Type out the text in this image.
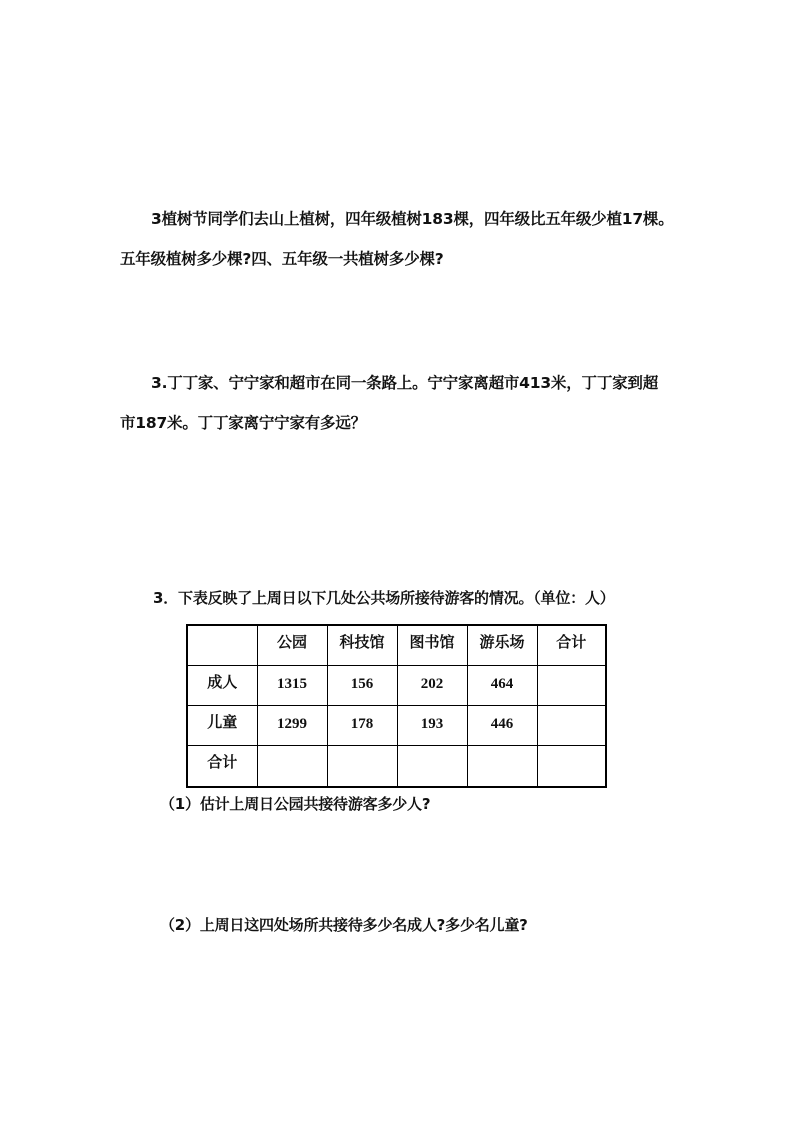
3植树节同学们去山上植树，四年级植树183棵，四年级比五年级少植17棵。
五年级植树多少棵?四、五年级一共植树多少棵?
3.丁丁家、宁宁家和超市在同一条路上。宁宁家离超市413米，丁丁家到超
市187米。丁丁家离宁宁家有多远？
3．下表反映了上周日以下几处公共场所接待游客的情况。（单位：人）

	公园	科技馆	图书馆	游乐场	合计

成人	1315	156	202	464	

儿童	1299	178	193	446	

合计					

（1）估计上周日公园共接待游客多少人?
（2）上周日这四处场所共接待多少名成人?多少名儿童?
